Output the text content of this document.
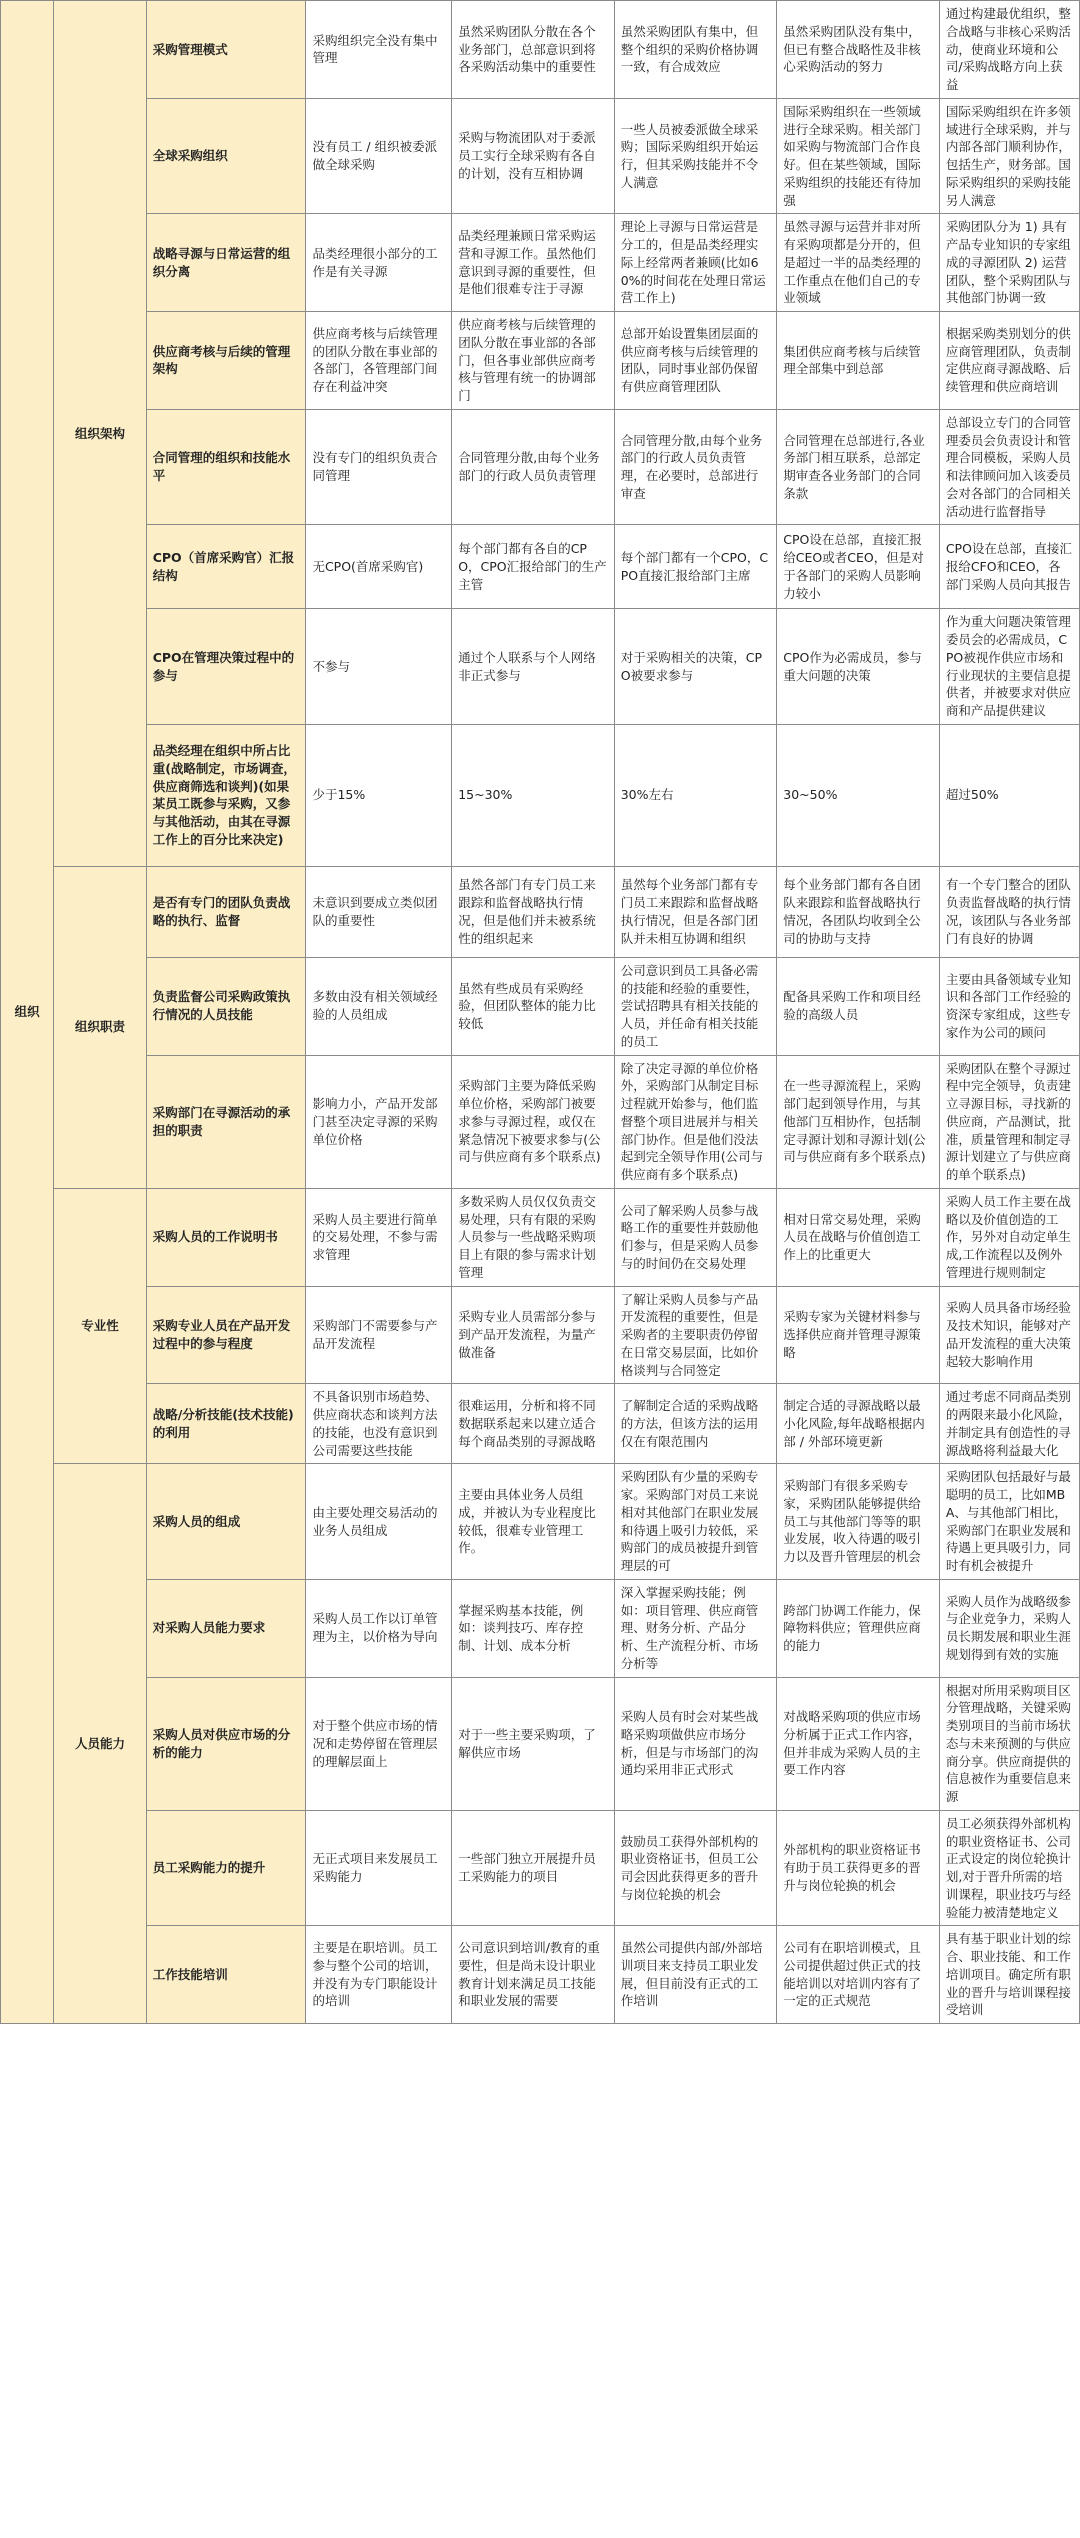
组织	组织架构	采购管理模式	采购组织完全没有集中管理	虽然采购团队分散在各个业务部门，总部意识到将各采购活动集中的重要性	虽然采购团队有集中，但整个组织的采购价格协调一致，有合成效应	虽然采购团队没有集中，但已有整合战略性及非核心采购活动的努力	通过构建最优组织，整合战略与非核心采购活动，使商业环境和公司/采购战略方向上获益
		全球采购组织	没有员工 / 组织被委派做全球采购	采购与物流团队对于委派员工实行全球采购有各自的计划，没有互相协调	一些人员被委派做全球采购；国际采购组织开始运行，但其采购技能并不令人满意	国际采购组织在一些领域进行全球采购。相关部门如采购与物流部门合作良好。但在某些领域，国际采购组织的技能还有待加强	国际采购组织在许多领域进行全球采购，并与内部各部门顺利协作，包括生产，财务部。国际采购组织的采购技能另人满意
		战略寻源与日常运营的组织分离	品类经理很小部分的工作是有关寻源	品类经理兼顾日常采购运营和寻源工作。虽然他们意识到寻源的重要性，但是他们很难专注于寻源	理论上寻源与日常运营是分工的，但是品类经理实际上经常两者兼顾(比如60%的时间花在处理日常运营工作上)	虽然寻源与运营并非对所有采购项都是分开的，但是超过一半的品类经理的工作重点在他们自己的专业领域	采购团队分为 1) 具有产品专业知识的专家组成的寻源团队 2) 运营团队，整个采购团队与其他部门协调一致
		供应商考核与后续的管理架构	供应商考核与后续管理的团队分散在事业部的各部门，各管理部门间存在利益冲突	供应商考核与后续管理的团队分散在事业部的各部门，但各事业部供应商考核与管理有统一的协调部门	总部开始设置集团层面的供应商考核与后续管理的团队，同时事业部仍保留有供应商管理团队	集团供应商考核与后续管理全部集中到总部	根据采购类别划分的供应商管理团队，负责制定供应商寻源战略、后续管理和供应商培训
		合同管理的组织和技能水平	没有专门的组织负责合同管理	合同管理分散,由每个业务部门的行政人员负责管理	合同管理分散,由每个业务部门的行政人员负责管理，在必要时，总部进行审查	合同管理在总部进行,各业务部门相互联系，总部定期审查各业务部门的合同条款	总部设立专门的合同管理委员会负责设计和管理合同模板，采购人员和法律顾问加入该委员会对各部门的合同相关活动进行监督指导
		CPO（首席采购官）汇报结构	无CPO(首席采购官)	每个部门都有各自的CPO，CPO汇报给部门的生产主管	每个部门都有一个CPO，CPO直接汇报给部门主席	CPO设在总部，直接汇报给CEO或者CEO，但是对于各部门的采购人员影响力较小	CPO设在总部，直接汇报给CFO和CEO，各部门采购人员向其报告
		CPO在管理决策过程中的参与	不参与	通过个人联系与个人网络非正式参与	对于采购相关的决策，CPO被要求参与	CPO作为必需成员，参与重大问题的决策	作为重大问题决策管理委员会的必需成员，CPO被视作供应市场和行业现状的主要信息提供者，并被要求对供应商和产品提供建议
		品类经理在组织中所占比重(战略制定，市场调查，供应商筛选和谈判)(如果某员工既参与采购，又参与其他活动，由其在寻源工作上的百分比来决定)	少于15%	15~30%	30%左右	30~50%	超过50%
	组织职责	是否有专门的团队负责战略的执行、监督	未意识到要成立类似团队的重要性	虽然各部门有专门员工来跟踪和监督战略执行情况，但是他们并未被系统性的组织起来	虽然每个业务部门都有专门员工来跟踪和监督战略执行情况，但是各部门团队并未相互协调和组织	每个业务部门都有各自团队来跟踪和监督战略执行情况，各团队均收到全公司的协助与支持	有一个专门整合的团队负责监督战略的执行情况，该团队与各业务部门有良好的协调
		负责监督公司采购政策执行情况的人员技能	多数由没有相关领域经验的人员组成	虽然有些成员有采购经验，但团队整体的能力比较低	公司意识到员工具备必需的技能和经验的重要性，尝试招聘具有相关技能的人员，并任命有相关技能的员工	配备具采购工作和项目经验的高级人员	主要由具备领域专业知识和各部门工作经验的资深专家组成，这些专家作为公司的顾问
		采购部门在寻源活动的承担的职责	影响力小，产品开发部门甚至决定寻源的采购单位价格	采购部门主要为降低采购单位价格，采购部门被要求参与寻源过程，或仅在紧急情况下被要求参与(公司与供应商有多个联系点)	除了决定寻源的单位价格外，采购部门从制定目标过程就开始参与，他们监督整个项目进展并与相关部门协作。但是他们没法起到完全领导作用(公司与供应商有多个联系点)	在一些寻源流程上，采购部门起到领导作用，与其他部门互相协作，包括制定寻源计划和寻源计划(公司与供应商有多个联系点)	采购团队在整个寻源过程中完全领导，负责建立寻源目标，寻找新的供应商，产品测试，批准，质量管理和制定寻源计划建立了与供应商的单个联系点)
	专业性	采购人员的工作说明书	采购人员主要进行简单的交易处理，不参与需求管理	多数采购人员仅仅负责交易处理，只有有限的采购人员参与一些战略采购项目上有限的参与需求计划管理	公司了解采购人员参与战略工作的重要性并鼓励他们参与，但是采购人员参与的时间仍在交易处理	相对日常交易处理，采购人员在战略与价值创造工作上的比重更大	采购人员工作主要在战略以及价值创造的工作，另外对自动定单生成,工作流程以及例外管理进行规则制定
		采购专业人员在产品开发过程中的参与程度	采购部门不需要参与产品开发流程	采购专业人员需部分参与到产品开发流程，为量产做准备	了解让采购人员参与产品开发流程的重要性，但是采购者的主要职责仍停留在日常交易层面，比如价格谈判与合同签定	采购专家为关键材料参与选择供应商并管理寻源策略	采购人员具备市场经验及技术知识，能够对产品开发流程的重大决策起较大影响作用
		战略/分析技能(技术技能)的利用	不具备识别市场趋势、供应商状态和谈判方法的技能，也没有意识到公司需要这些技能	很难运用，分析和将不同数据联系起来以建立适合每个商品类别的寻源战略	了解制定合适的采购战略的方法，但该方法的运用仅在有限范围内	制定合适的寻源战略以最小化风险,每年战略根据内部 / 外部环境更新	通过考虑不同商品类别的两限来最小化风险，并制定具有创造性的寻源战略将利益最大化
	人员能力	采购人员的组成	由主要处理交易活动的业务人员组成	主要由具体业务人员组成，并被认为专业程度比较低，很难专业管理工作。	采购团队有少量的采购专家。采购部门对员工来说相对其他部门在职业发展和待遇上吸引力较低，采购部门的成员被提升到管理层的可	采购部门有很多采购专家，采购团队能够提供给员工与其他部门等等的职业发展，收入待遇的吸引力以及晋升管理层的机会	采购团队包括最好与最聪明的员工，比如MBA、与其他部门相比，采购部门在职业发展和待遇上更具吸引力，同时有机会被提升
		对采购人员能力要求	采购人员工作以订单管理为主，以价格为导向	掌握采购基本技能，例如：谈判技巧、库存控制、计划、成本分析	深入掌握采购技能；例如：项目管理、供应商管理、财务分析、产品分析、生产流程分析、市场分析等	跨部门协调工作能力，保障物料供应；管理供应商的能力	采购人员作为战略级参与企业竞争力，采购人员长期发展和职业生涯规划得到有效的实施
		采购人员对供应市场的分析的能力	对于整个供应市场的情况和走势停留在管理层的理解层面上	对于一些主要采购项，了解供应市场	采购人员有时会对某些战略采购项做供应市场分析，但是与市场部门的沟通均采用非正式形式	对战略采购项的供应市场分析属于正式工作内容，但并非成为采购人员的主要工作内容	根据对所用采购项目区分管理战略，关键采购类别项目的当前市场状态与未来预测的与供应商分享。供应商提供的信息被作为重要信息来源
		员工采购能力的提升	无正式项目来发展员工采购能力	一些部门独立开展提升员工采购能力的项目	鼓励员工获得外部机构的职业资格证书，但员工公司会因此获得更多的晋升与岗位轮换的机会	外部机构的职业资格证书有助于员工获得更多的晋升与岗位轮换的机会	员工必须获得外部机构的职业资格证书、公司正式设定的岗位轮换计划,对于晋升所需的培训课程，职业技巧与经验能力被清楚地定义
		工作技能培训	主要是在职培训。员工参与整个公司的培训，并没有为专门职能设计的培训	公司意识到培训/教育的重要性，但是尚未设计职业教育计划来满足员工技能和职业发展的需要	虽然公司提供内部/外部培训项目来支持员工职业发展，但目前没有正式的工作培训	公司有在职培训模式，且公司提供超过供正式的技能培训以对培训内容有了一定的正式规范	具有基于职业计划的综合、职业技能、和工作培训项目。确定所有职业的晋升与培训课程接受培训
